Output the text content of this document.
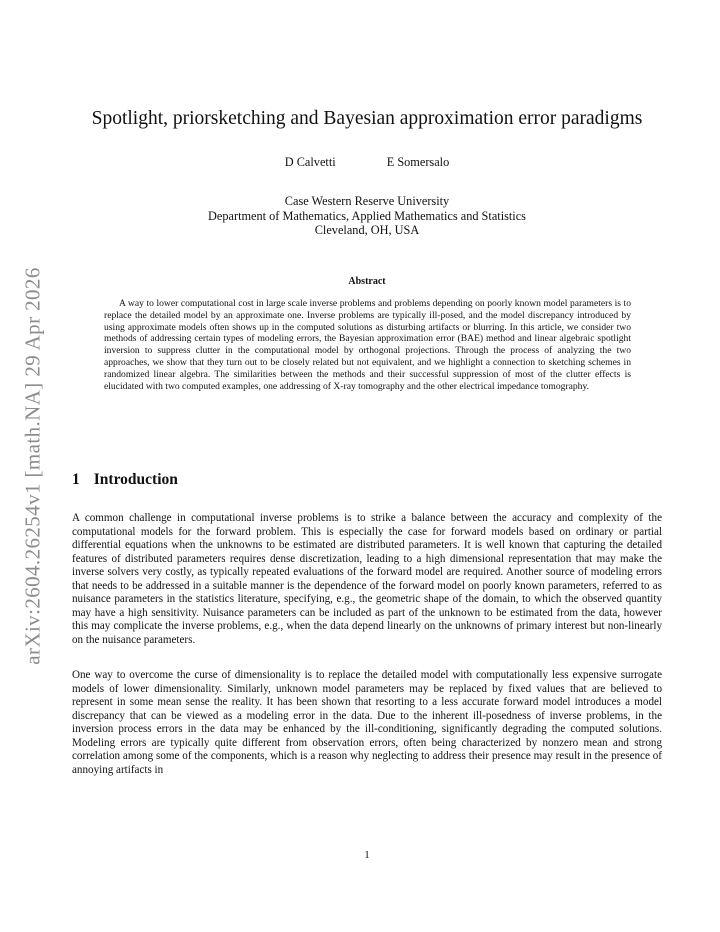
arXiv:2604.26254v1 [math.NA] 29 Apr 2026
Spotlight, priorsketching and Bayesian approximation error paradigms
D Calvetti	E Somersalo
Case Western Reserve University
Department of Mathematics, Applied Mathematics and Statistics
Cleveland, OH, USA
Abstract
A way to lower computational cost in large scale inverse problems and problems depending on poorly known model parameters is to replace the detailed model by an approximate one. Inverse problems are typically ill-posed, and the model discrepancy introduced by using approximate models often shows up in the computed solutions as disturbing artifacts or blurring. In this article, we consider two methods of addressing certain types of modeling errors, the Bayesian approximation error (BAE) method and linear algebraic spotlight inversion to suppress clutter in the computational model by orthogonal projections. Through the process of analyzing the two approaches, we show that they turn out to be closely related but not equivalent, and we highlight a connection to sketching schemes in randomized linear algebra. The similarities between the methods and their successful suppression of most of the clutter effects is elucidated with two computed examples, one addressing of X-ray tomography and the other electrical impedance tomography.
1 Introduction
A common challenge in computational inverse problems is to strike a balance between the accuracy and complexity of the computational models for the forward problem. This is especially the case for forward models based on ordinary or partial differential equations when the unknowns to be estimated are distributed parameters. It is well known that capturing the detailed features of distributed parameters requires dense discretization, leading to a high dimensional representation that may make the inverse solvers very costly, as typically repeated evaluations of the forward model are required. Another source of modeling errors that needs to be addressed in a suitable manner is the dependence of the forward model on poorly known parameters, referred to as nuisance parameters in the statistics literature, specifying, e.g., the geometric shape of the domain, to which the observed quantity may have a high sensitivity. Nuisance parameters can be included as part of the unknown to be estimated from the data, however this may complicate the inverse problems, e.g., when the data depend linearly on the unknowns of primary interest but non-linearly on the nuisance parameters.
One way to overcome the curse of dimensionality is to replace the detailed model with computationally less expensive surrogate models of lower dimensionality. Similarly, unknown model parameters may be replaced by fixed values that are believed to represent in some mean sense the reality. It has been shown that resorting to a less accurate forward model introduces a model discrepancy that can be viewed as a modeling error in the data. Due to the inherent ill-posedness of inverse problems, in the inversion process errors in the data may be enhanced by the ill-conditioning, significantly degrading the computed solutions. Modeling errors are typically quite different from observation errors, often being characterized by nonzero mean and strong correlation among some of the components, which is a reason why neglecting to address their presence may result in the presence of annoying artifacts in
1
